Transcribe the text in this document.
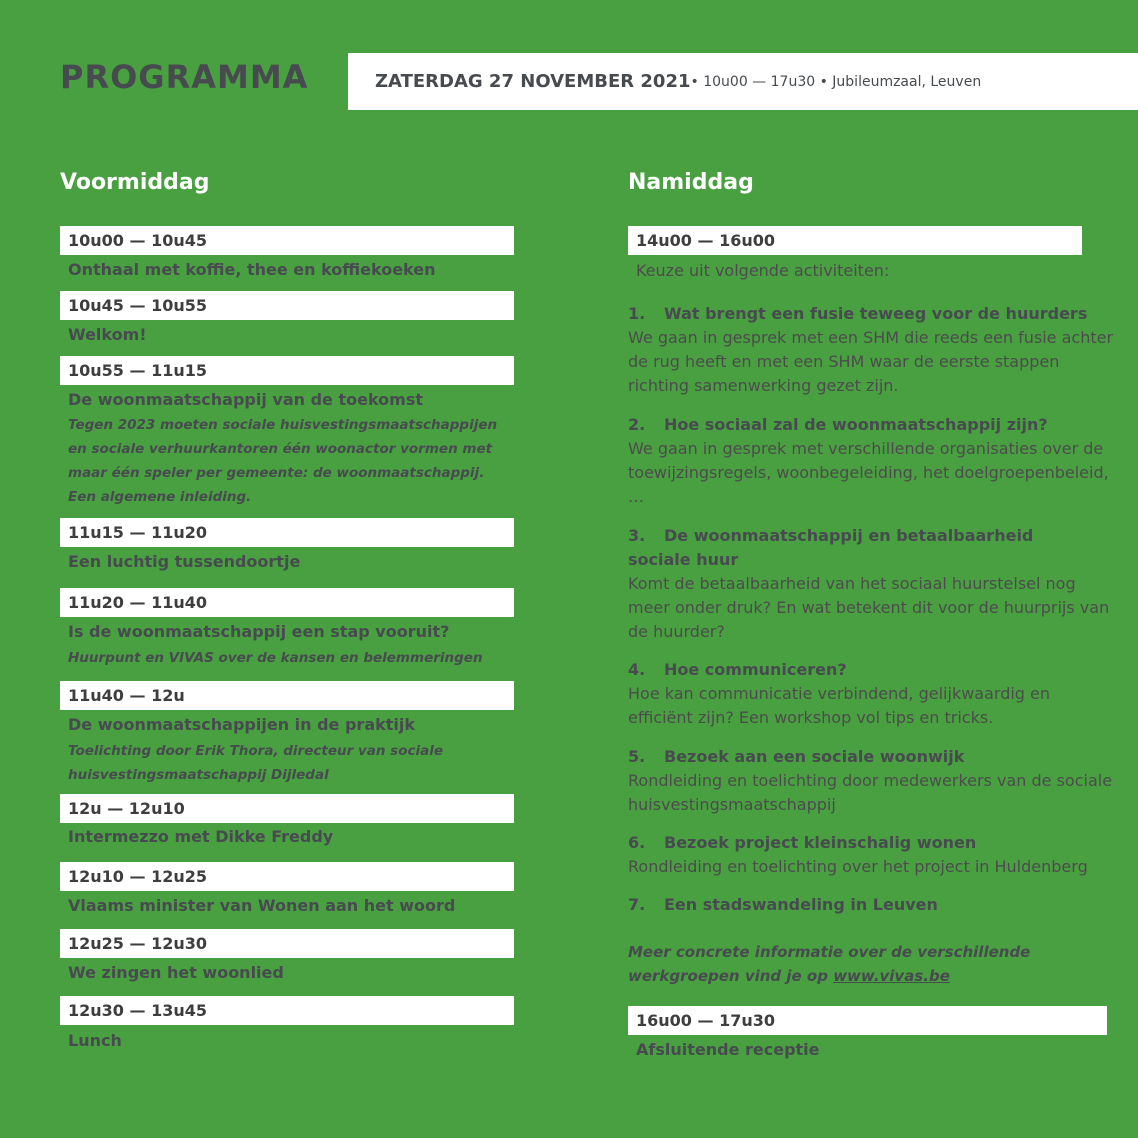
PROGRAMMA	ZATERDAG 27 NOVEMBER 2021 • 10u00 — 17u30 • Jubileumzaal, Leuven
Voormiddag
10u00 — 10u45
Onthaal met koffie, thee en koffiekoeken
10u45 — 10u55
Welkom!
10u55 — 11u15
De woonmaatschappij van de toekomst
Tegen 2023 moeten sociale huisvestingsmaatschappijen en sociale verhuurkantoren één woonactor vormen met maar één speler per gemeente: de woonmaatschappij. Een algemene inleiding.
11u15 — 11u20
Een luchtig tussendoortje
11u20 — 11u40
Is de woonmaatschappij een stap vooruit?
Huurpunt en VIVAS over de kansen en belemmeringen
11u40 — 12u
De woonmaatschappijen in de praktijk
Toelichting door Erik Thora, directeur van sociale huisvestingsmaatschappij Dijledal
12u — 12u10
Intermezzo met Dikke Freddy
12u10 — 12u25
Vlaams minister van Wonen aan het woord
12u25 — 12u30
We zingen het woonlied
12u30 — 13u45
Lunch
Namiddag
14u00 — 16u00
Keuze uit volgende activiteiten:
1. Wat brengt een fusie teweeg voor de huurders
We gaan in gesprek met een SHM die reeds een fusie achter de rug heeft en met een SHM waar de eerste stappen richting samenwerking gezet zijn.
2. Hoe sociaal zal de woonmaatschappij zijn?
We gaan in gesprek met verschillende organisaties over de toewijzingsregels, woonbegeleiding, het doelgroepenbeleid, …
3. De woonmaatschappij en betaalbaarheid
sociale huur
Komt de betaalbaarheid van het sociaal huurstelsel nog meer onder druk? En wat betekent dit voor de huurprijs van de huurder?
4. Hoe communiceren?
Hoe kan communicatie verbindend, gelijkwaardig en efficiënt zijn? Een workshop vol tips en tricks.
5. Bezoek aan een sociale woonwijk
Rondleiding en toelichting door medewerkers van de sociale huisvestingsmaatschappij
6. Bezoek project kleinschalig wonen
Rondleiding en toelichting over het project in Huldenberg
7. Een stadswandeling in Leuven
Meer concrete informatie over de verschillende werkgroepen vind je op www.vivas.be
16u00 — 17u30
Afsluitende receptie
